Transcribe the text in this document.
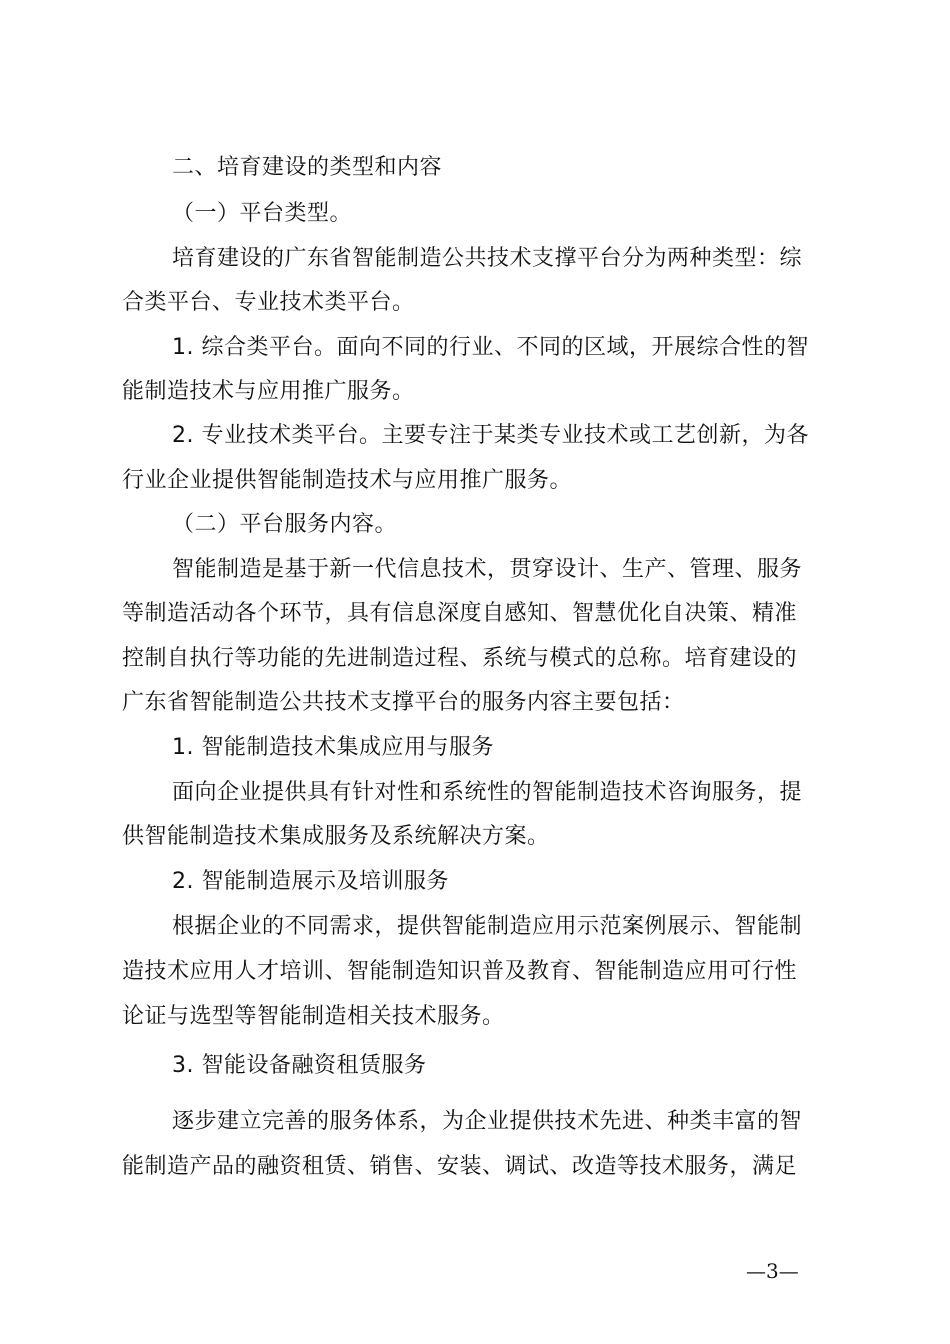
二、培育建设的类型和内容
（一）平台类型。
培育建设的广东省智能制造公共技术支撑平台分为两种类型：综
合类平台、专业技术类平台。
1. 综合类平台。面向不同的行业、不同的区域，开展综合性的智
能制造技术与应用推广服务。
2. 专业技术类平台。主要专注于某类专业技术或工艺创新，为各
行业企业提供智能制造技术与应用推广服务。
（二）平台服务内容。
智能制造是基于新一代信息技术，贯穿设计、生产、管理、服务
等制造活动各个环节，具有信息深度自感知、智慧优化自决策、精准
控制自执行等功能的先进制造过程、系统与模式的总称。培育建设的
广东省智能制造公共技术支撑平台的服务内容主要包括：
1. 智能制造技术集成应用与服务
面向企业提供具有针对性和系统性的智能制造技术咨询服务，提
供智能制造技术集成服务及系统解决方案。
2. 智能制造展示及培训服务
根据企业的不同需求，提供智能制造应用示范案例展示、智能制
造技术应用人才培训、智能制造知识普及教育、智能制造应用可行性
论证与选型等智能制造相关技术服务。
3. 智能设备融资租赁服务
逐步建立完善的服务体系，为企业提供技术先进、种类丰富的智
能制造产品的融资租赁、销售、安装、调试、改造等技术服务，满足
—3—
